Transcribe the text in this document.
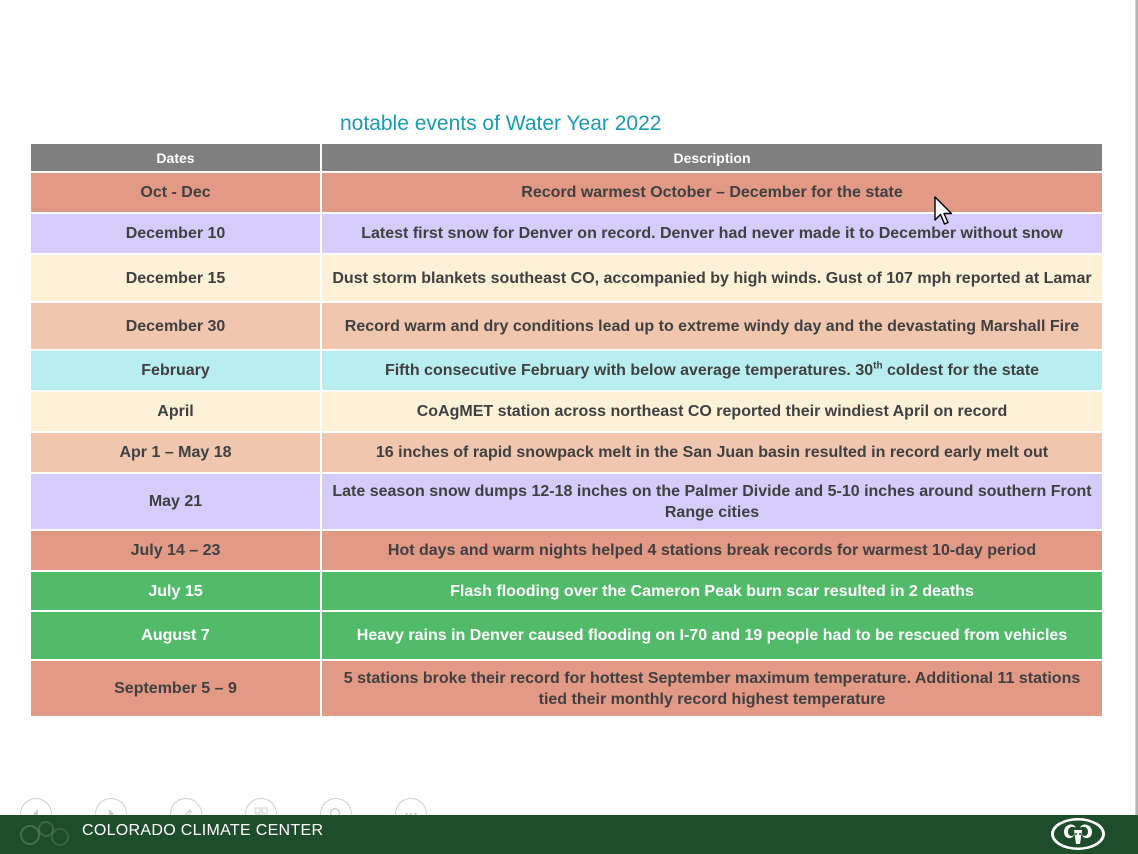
notable events of Water Year 2022
Dates	Description
Oct - Dec	Record warmest October – December for the state
December 10	Latest first snow for Denver on record. Denver had never made it to December without snow
December 15	Dust storm blankets southeast CO, accompanied by high winds. Gust of 107 mph reported at Lamar
December 30	Record warm and dry conditions lead up to extreme windy day and the devastating Marshall Fire
February	Fifth consecutive February with below average temperatures. 30th coldest for the state
April	CoAgMET station across northeast CO reported their windiest April on record
Apr 1 – May 18	16 inches of rapid snowpack melt in the San Juan basin resulted in record early melt out
May 21	Late season snow dumps 12-18 inches on the Palmer Divide and 5-10 inches around southern Front Range cities
July 14 – 23	Hot days and warm nights helped 4 stations break records for warmest 10-day period
July 15	Flash flooding over the Cameron Peak burn scar resulted in 2 deaths
August 7	Heavy rains in Denver caused flooding on I-70 and 19 people had to be rescued from vehicles
September 5 – 9	5 stations broke their record for hottest September maximum temperature. Additional 11 stations tied their monthly record highest temperature
COLORADO CLIMATE CENTER
